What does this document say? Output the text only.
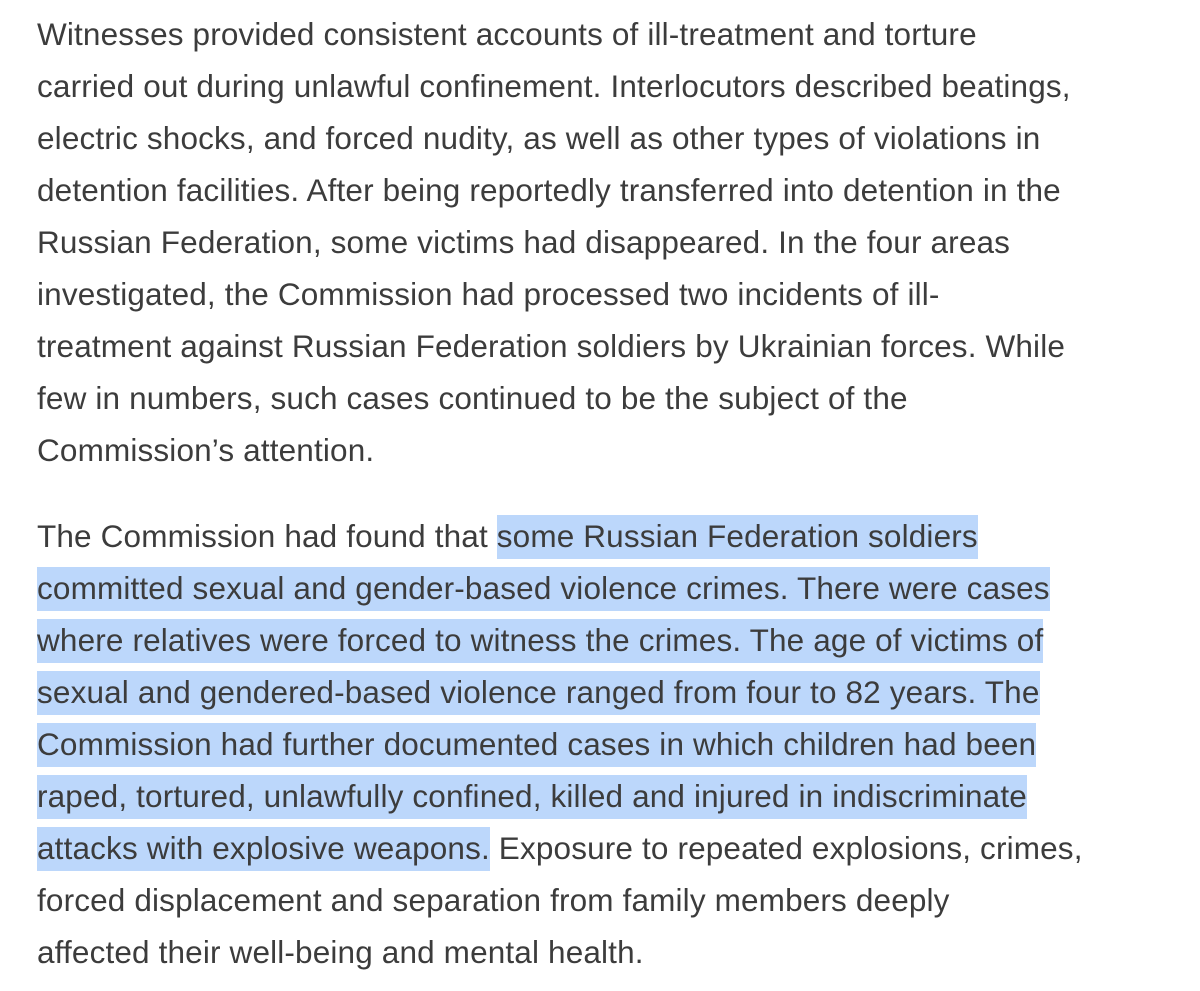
Witnesses provided consistent accounts of ill-treatment and torture
carried out during unlawful confinement. Interlocutors described beatings,
electric shocks, and forced nudity, as well as other types of violations in
detention facilities. After being reportedly transferred into detention in the
Russian Federation, some victims had disappeared. In the four areas
investigated, the Commission had processed two incidents of ill-
treatment against Russian Federation soldiers by Ukrainian forces. While
few in numbers, such cases continued to be the subject of the
Commission’s attention.
The Commission had found that some Russian Federation soldiers
committed sexual and gender-based violence crimes. There were cases
where relatives were forced to witness the crimes. The age of victims of
sexual and gendered-based violence ranged from four to 82 years. The
Commission had further documented cases in which children had been
raped, tortured, unlawfully confined, killed and injured in indiscriminate
attacks with explosive weapons. Exposure to repeated explosions, crimes,
forced displacement and separation from family members deeply
affected their well-being and mental health.
